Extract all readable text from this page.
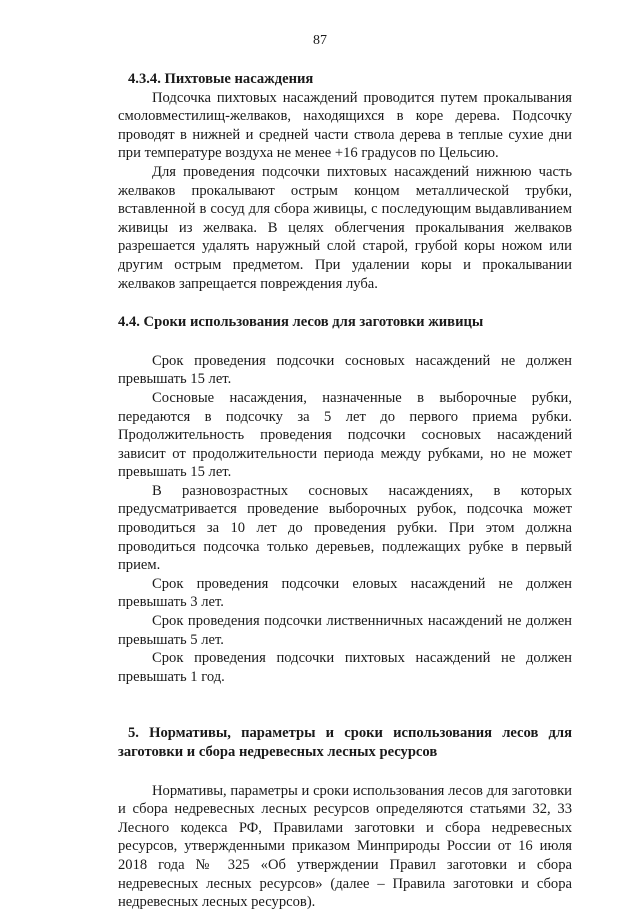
87
4.3.4. Пихтовые насаждения

Подсочка пихтовых насаждений проводится путем прокалывания смоловместилищ-желваков, находящихся в коре дерева. Подсочку проводят в нижней и средней части ствола дерева в теплые сухие дни при температуре воздуха не менее +16 градусов по Цельсию.

Для проведения подсочки пихтовых насаждений нижнюю часть желваков прокалывают острым концом металлической трубки, вставленной в сосуд для сбора живицы, с последующим выдавливанием живицы из желвака. В целях облегчения прокалывания желваков разрешается удалять наружный слой старой, грубой коры ножом или другим острым предметом. При удалении коры и прокалывании желваков запрещается повреждения луба.

4.4. Сроки использования лесов для заготовки живицы

Срок проведения подсочки сосновых насаждений не должен превышать 15 лет.

Сосновые насаждения, назначенные в выборочные рубки, передаются в подсочку за 5 лет до первого приема рубки. Продолжительность проведения подсочки сосновых насаждений зависит от продолжительности периода между рубками, но не может превышать 15 лет.

В разновозрастных сосновых насаждениях, в которых предусматривается проведение выборочных рубок, подсочка может проводиться за 10 лет до проведения рубки. При этом должна проводиться подсочка только деревьев, подлежащих рубке в первый прием.

Срок проведения подсочки еловых насаждений не должен превышать 3 лет.

Срок проведения подсочки лиственничных насаждений не должен превышать 5 лет.

Срок проведения подсочки пихтовых насаждений не должен превышать 1 год.

5. Нормативы, параметры и сроки использования лесов для заготовки и сбора недревесных лесных ресурсов

Нормативы, параметры и сроки использования лесов для заготовки и сбора недревесных лесных ресурсов определяются статьями 32, 33 Лесного кодекса РФ, Правилами заготовки и сбора недревесных ресурсов, утвержденными приказом Минприроды России от 16 июля 2018 года № 325 «Об утверждении Правил заготовки и сбора недревесных лесных ресурсов» (далее – Правила заготовки и сбора недревесных лесных ресурсов).
